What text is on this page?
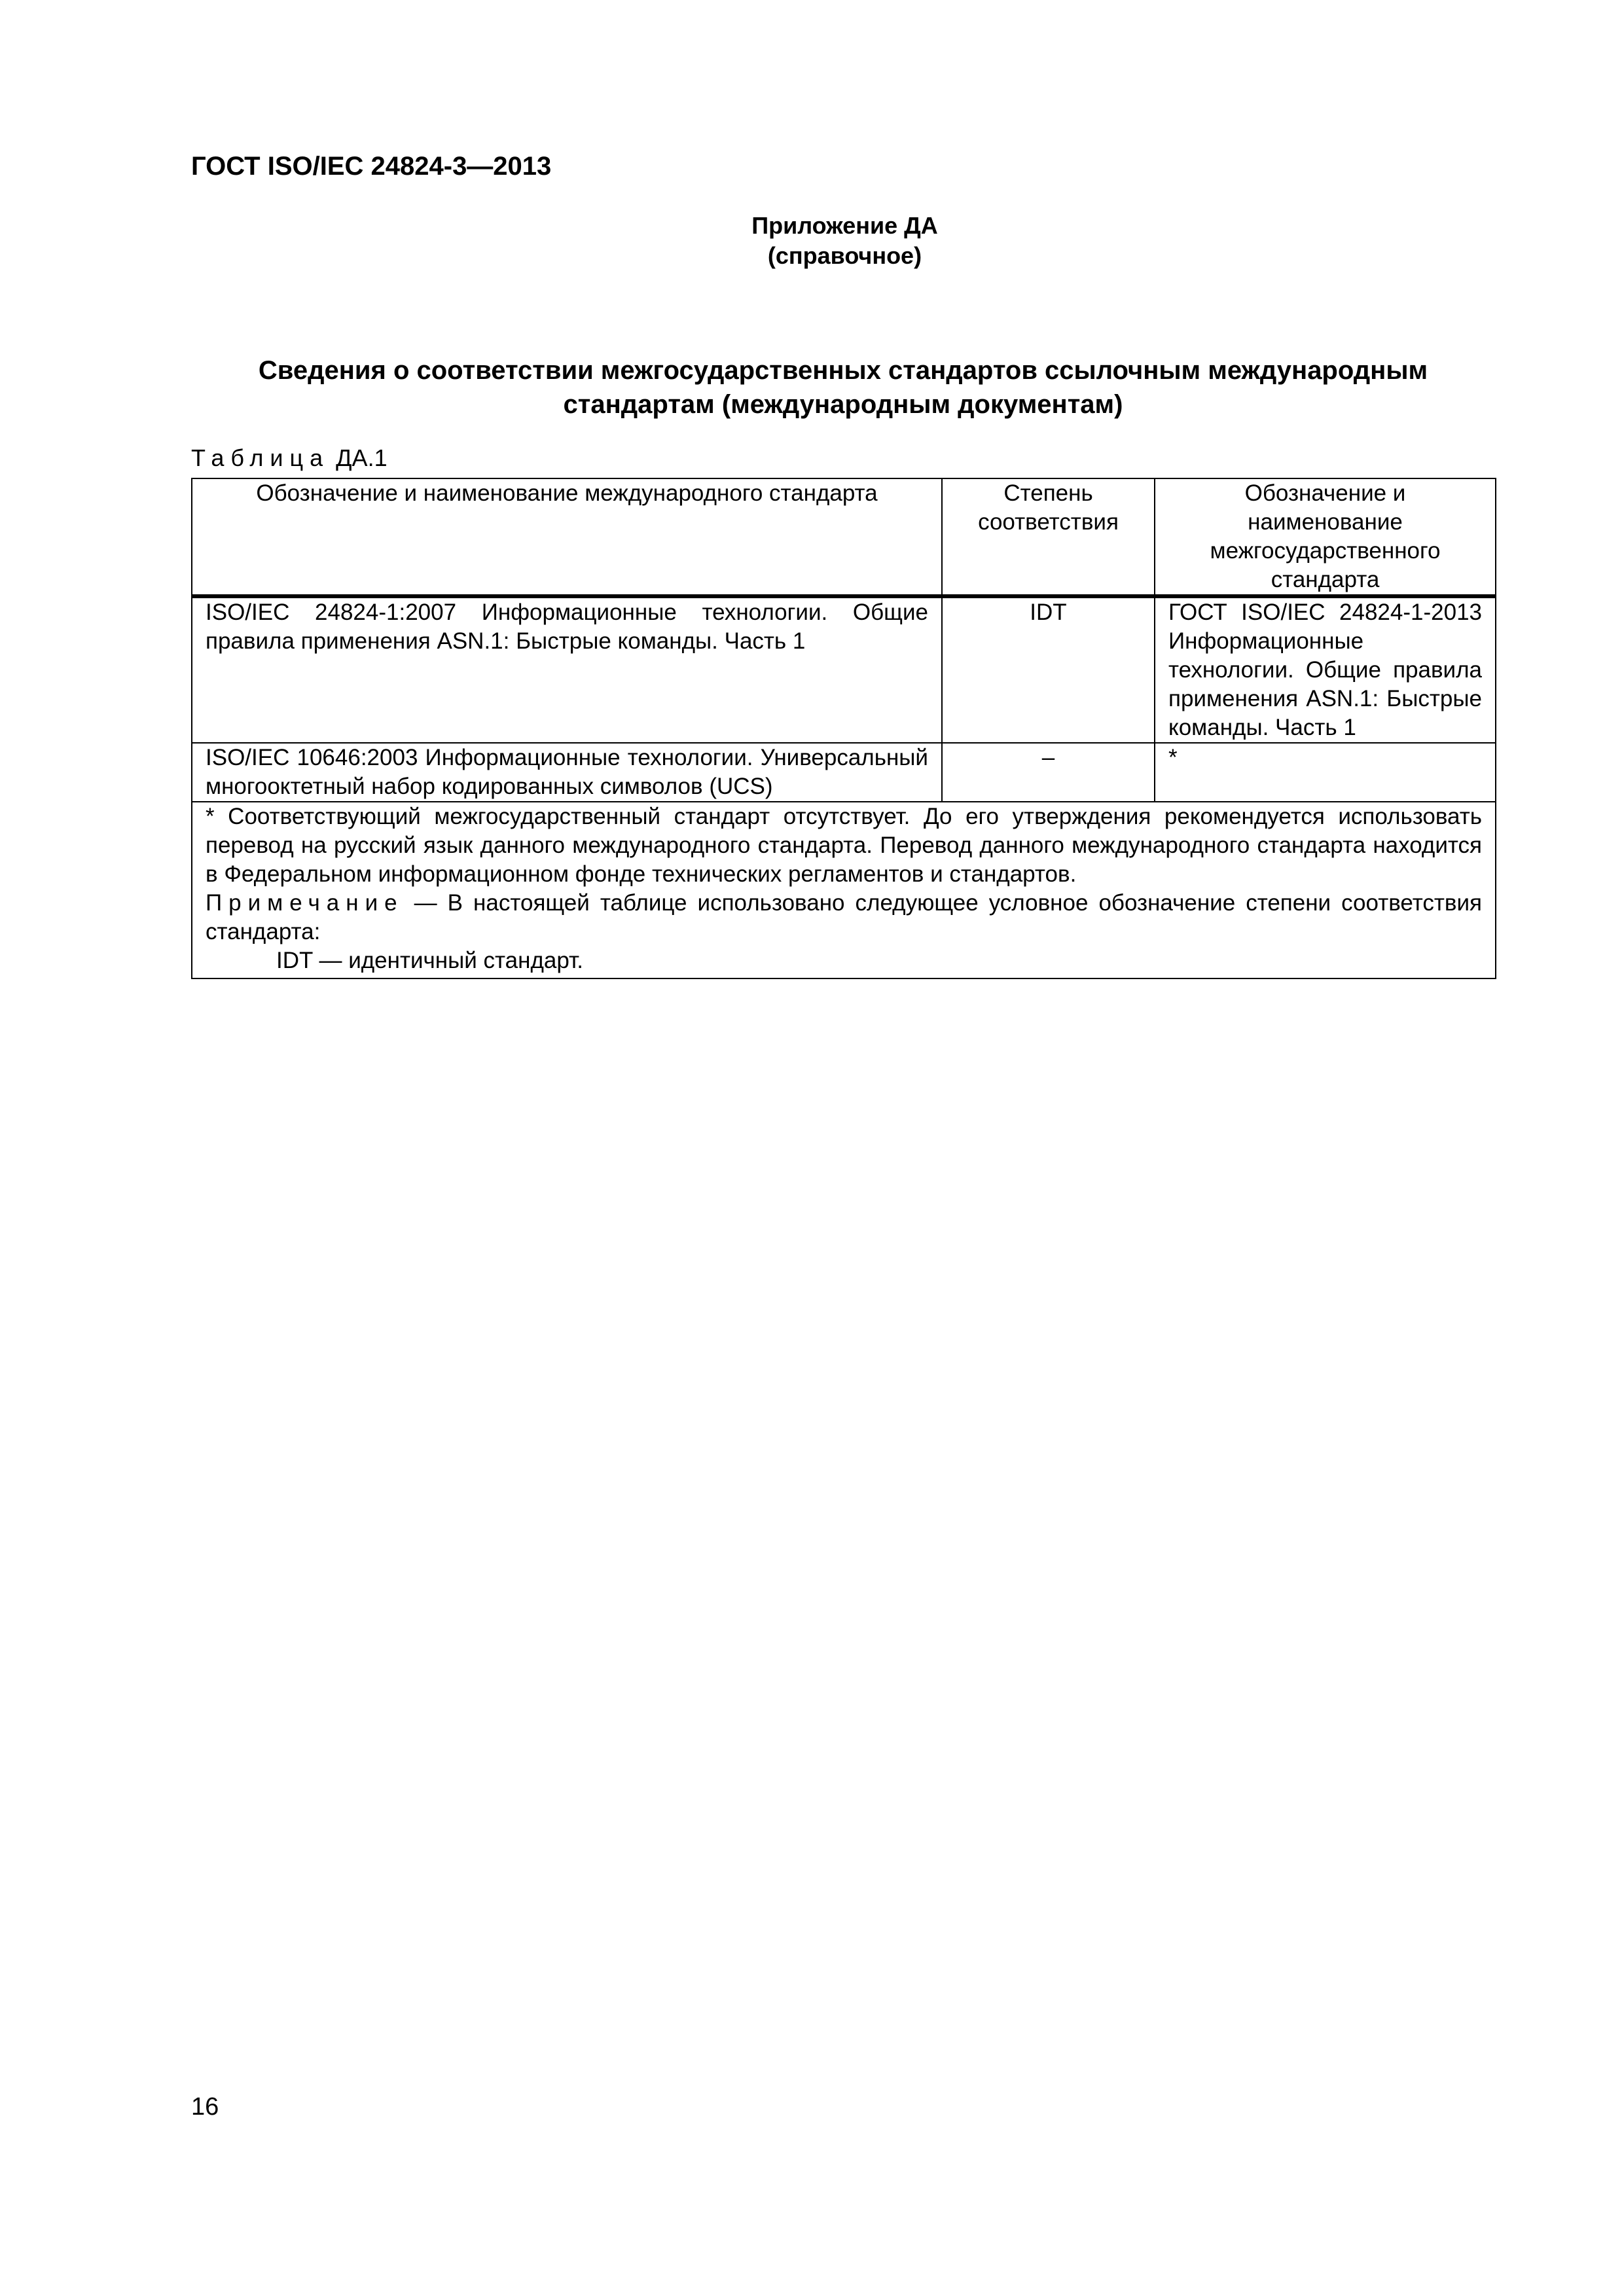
ГОСТ ISO/IEC 24824-3—2013
Приложение ДА
(справочное)
Сведения о соответствии межгосударственных стандартов ссылочным международным стандартам (международным документам)
Таблица ДА.1
Обозначение и наименование международного стандарта	Степень соответствия	Обозначение и наименование межгосударственного стандарта
ISO/IEC 24824-1:2007 Информационные технологии. Общие правила применения ASN.1: Быстрые команды. Часть 1	IDT	ГОСТ ISO/IEC 24824-1-2013 Информационные технологии. Общие правила применения ASN.1: Быстрые команды. Часть 1
ISO/IEC 10646:2003 Информационные технологии. Универсальный многооктетный набор кодированных символов (UCS)	–	*

* Соответствующий межгосударственный стандарт отсутствует. До его утверждения рекомендуется использовать перевод на русский язык данного международного стандарта. Перевод данного международного стандарта находится в Федеральном информационном фонде технических регламентов и стандартов.

Примечание — В настоящей таблице использовано следующее условное обозначение степени соответствия стандарта:

IDT — идентичный стандарт.		

16
